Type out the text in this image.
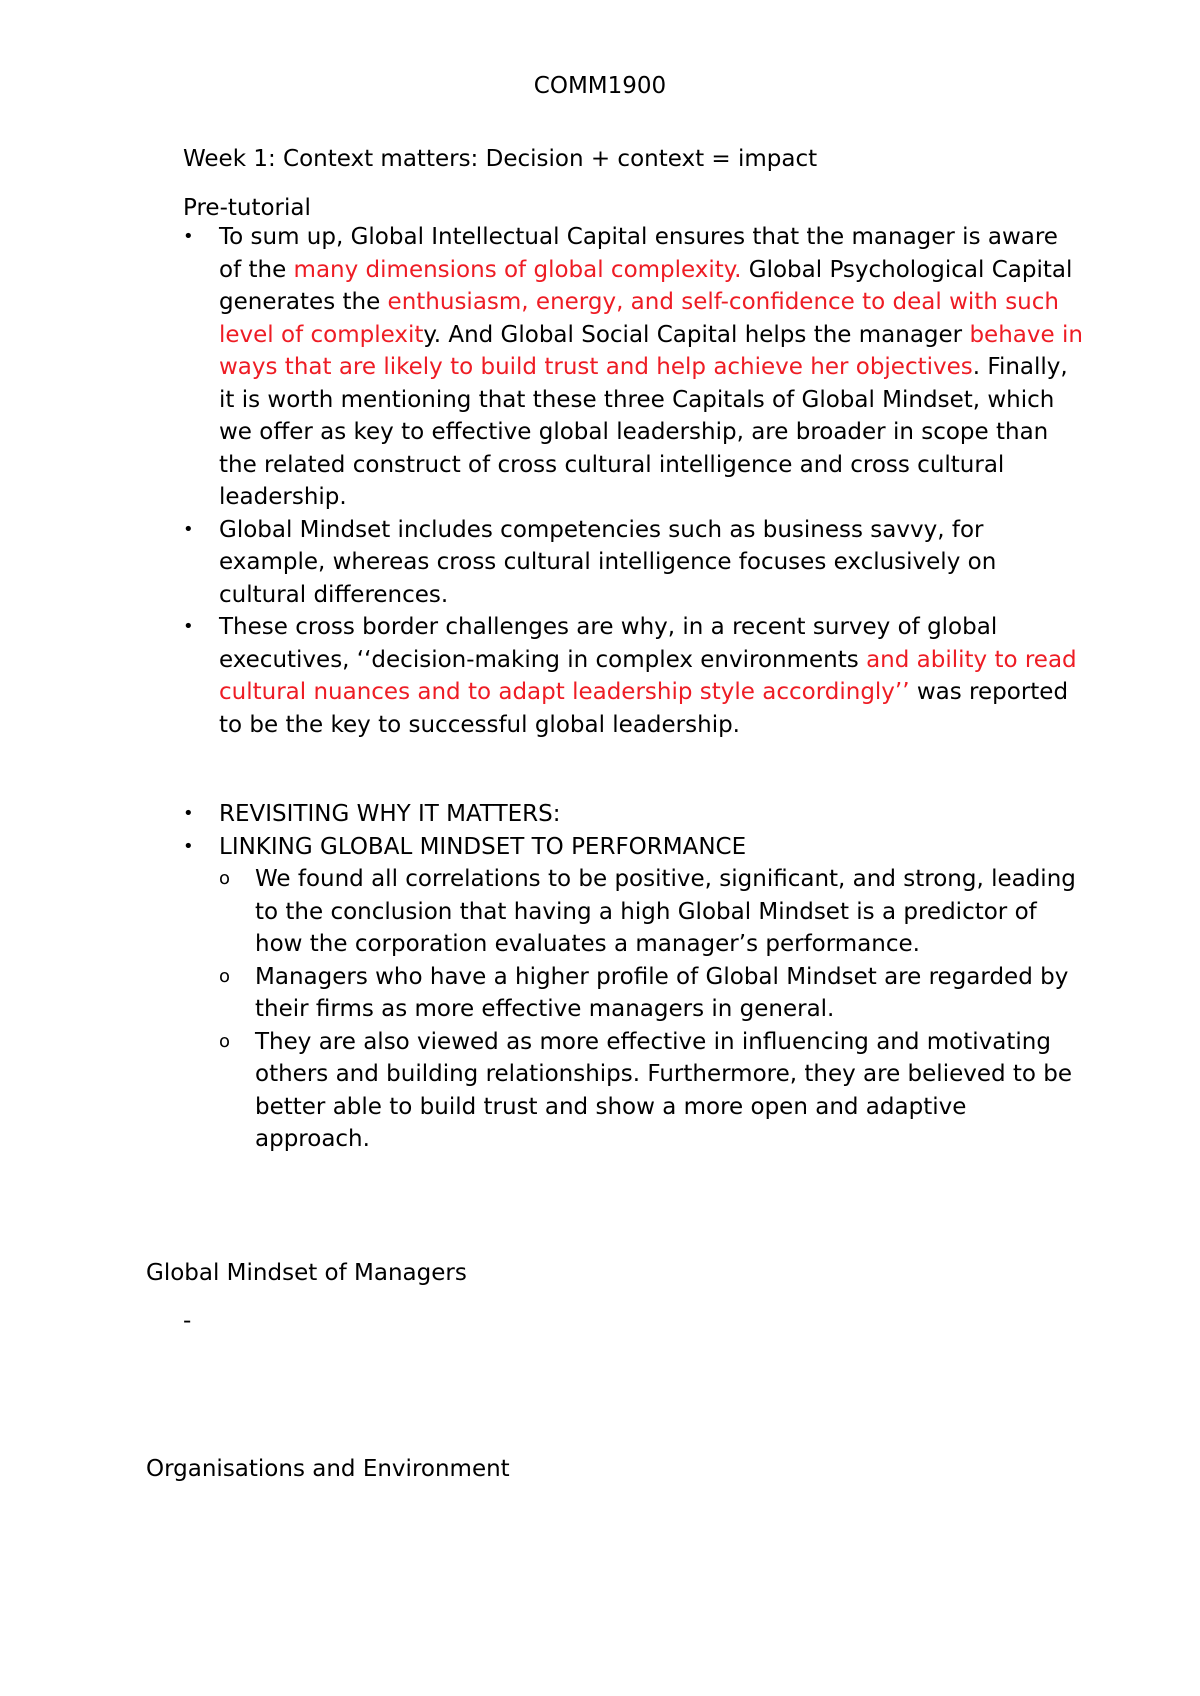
COMM1900
Week 1: Context matters: Decision + context = impact
Pre-tutorial
•	To sum up, Global Intellectual Capital ensures that the manager is aware of the many dimensions of global complexity. Global Psychological Capital generates the enthusiasm, energy, and self-confidence to deal with such level of complexity. And Global Social Capital helps the manager behave in ways that are likely to build trust and help achieve her objectives. Finally, it is worth mentioning that these three Capitals of Global Mindset, which we offer as key to effective global leadership, are broader in scope than the related construct of cross cultural intelligence and cross cultural leadership.
•	Global Mindset includes competencies such as business savvy, for example, whereas cross cultural intelligence focuses exclusively on cultural differences.
•	These cross border challenges are why, in a recent survey of global executives, ‘‘decision-making in complex environments and ability to read cultural nuances and to adapt leadership style accordingly’’ was reported to be the key to successful global leadership.
•	REVISITING WHY IT MATTERS:
•	LINKING GLOBAL MINDSET TO PERFORMANCE
o	We found all correlations to be positive, significant, and strong, leading to the conclusion that having a high Global Mindset is a predictor of how the corporation evaluates a manager’s performance.
o	Managers who have a higher profile of Global Mindset are regarded by their firms as more effective managers in general.
o	They are also viewed as more effective in influencing and motivating others and building relationships. Furthermore, they are believed to be better able to build trust and show a more open and adaptive approach.
Global Mindset of Managers
-
Organisations and Environment
